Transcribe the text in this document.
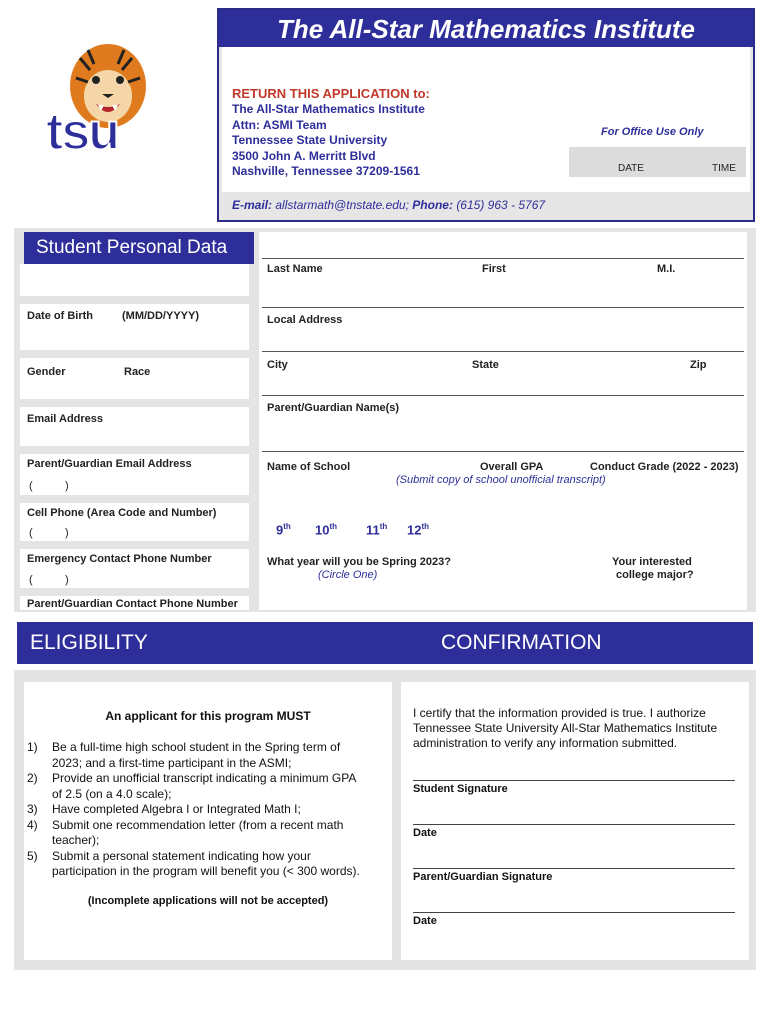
The All-Star Mathematics Institute
RETURN THIS APPLICATION to:
The All-Star Mathematics Institute
Attn: ASMI Team
Tennessee State University
3500 John A. Merritt Blvd
Nashville, Tennessee 37209-1561
For Office Use Only
DATE	TIME
E-mail: allstarmath@tnstate.edu; Phone: (615) 963 - 5767
tsu
Student Personal Data
Date of Birth	(MM/DD/YYYY)
Gender	Race
Email Address
Parent/Guardian Email Address
(	)
Cell Phone (Area Code and Number)
(	)
Emergency Contact Phone Number
(	)
Parent/Guardian Contact Phone Number
Last Name	First	M.I.
Local Address
City	State	Zip
Parent/Guardian Name(s)
Name of School	Overall GPA	Conduct Grade (2022 - 2023)
(Submit copy of school unofficial transcript)
9th 10th 11th 12th
What year will you be Spring 2023?
(Circle One)
Your interested
college major?
ELIGIBILITY	CONFIRMATION
An applicant for this program MUST
1)	Be a full-time high school student in the Spring term of
2023; and a first-time participant in the ASMI;
2)	Provide an unofficial transcript indicating a minimum GPA
of 2.5 (on a 4.0 scale);
3)	Have completed Algebra I or Integrated Math I;
4)	Submit one recommendation letter (from a recent math
teacher);
5)	Submit a personal statement indicating how your
participation in the program will benefit you (< 300 words).
(Incomplete applications will not be accepted)
I certify that the information provided is true. I authorize
Tennessee State University All-Star Mathematics Institute
administration to verify any information submitted.
Student Signature
Date
Parent/Guardian Signature
Date
